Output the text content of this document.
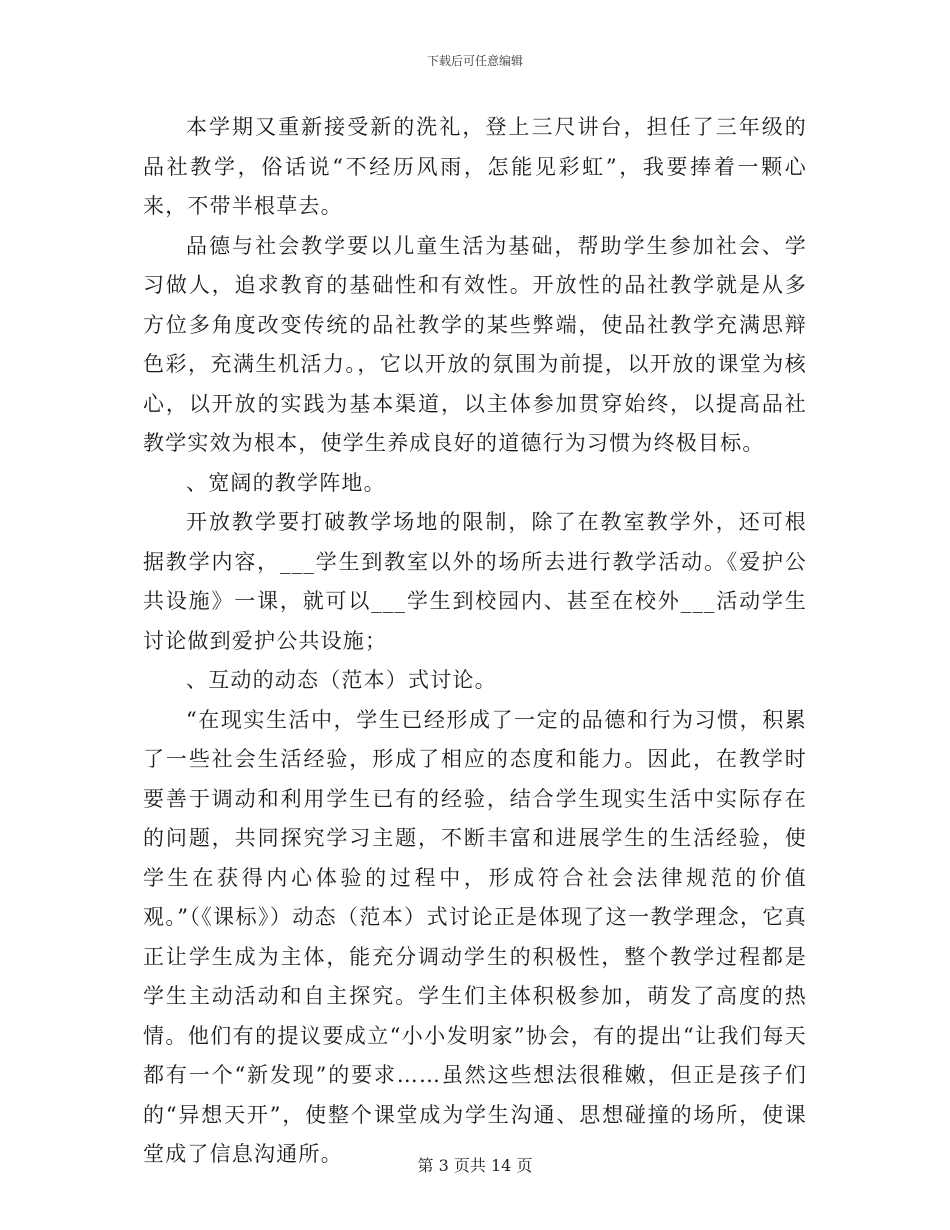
下载后可任意编辑

本学期又重新接受新的洗礼，登上三尺讲台，担任了三年级的品社教学，俗话说“不经历风雨，怎能见彩虹”，我要捧着一颗心来，不带半根草去。

品德与社会教学要以儿童生活为基础，帮助学生参加社会、学习做人，追求教育的基础性和有效性。开放性的品社教学就是从多方位多角度改变传统的品社教学的某些弊端，使品社教学充满思辩色彩，充满生机活力。，它以开放的氛围为前提，以开放的课堂为核心，以开放的实践为基本渠道，以主体参加贯穿始终，以提高品社教学实效为根本，使学生养成良好的道德行为习惯为终极目标。

、宽阔的教学阵地。

开放教学要打破教学场地的限制，除了在教室教学外，还可根据教学内容，___学生到教室以外的场所去进行教学活动。《爱护公共设施》一课，就可以___学生到校园内、甚至在校外___活动学生讨论做到爱护公共设施；

、互动的动态（范本）式讨论。

“在现实生活中，学生已经形成了一定的品德和行为习惯，积累了一些社会生活经验，形成了相应的态度和能力。因此，在教学时要善于调动和利用学生已有的经验，结合学生现实生活中实际存在的问题，共同探究学习主题，不断丰富和进展学生的生活经验，使学生在获得内心体验的过程中，形成符合社会法律规范的价值观。”（《课标》）动态（范本）式讨论正是体现了这一教学理念，它真正让学生成为主体，能充分调动学生的积极性，整个教学过程都是学生主动活动和自主探究。学生们主体积极参加，萌发了高度的热情。他们有的提议要成立“小小发明家”协会，有的提出“让我们每天都有一个“新发现”的要求……虽然这些想法很稚嫩，但正是孩子们的“异想天开”，使整个课堂成为学生沟通、思想碰撞的场所，使课堂成了信息沟通所。	第 3 页共 14 页
